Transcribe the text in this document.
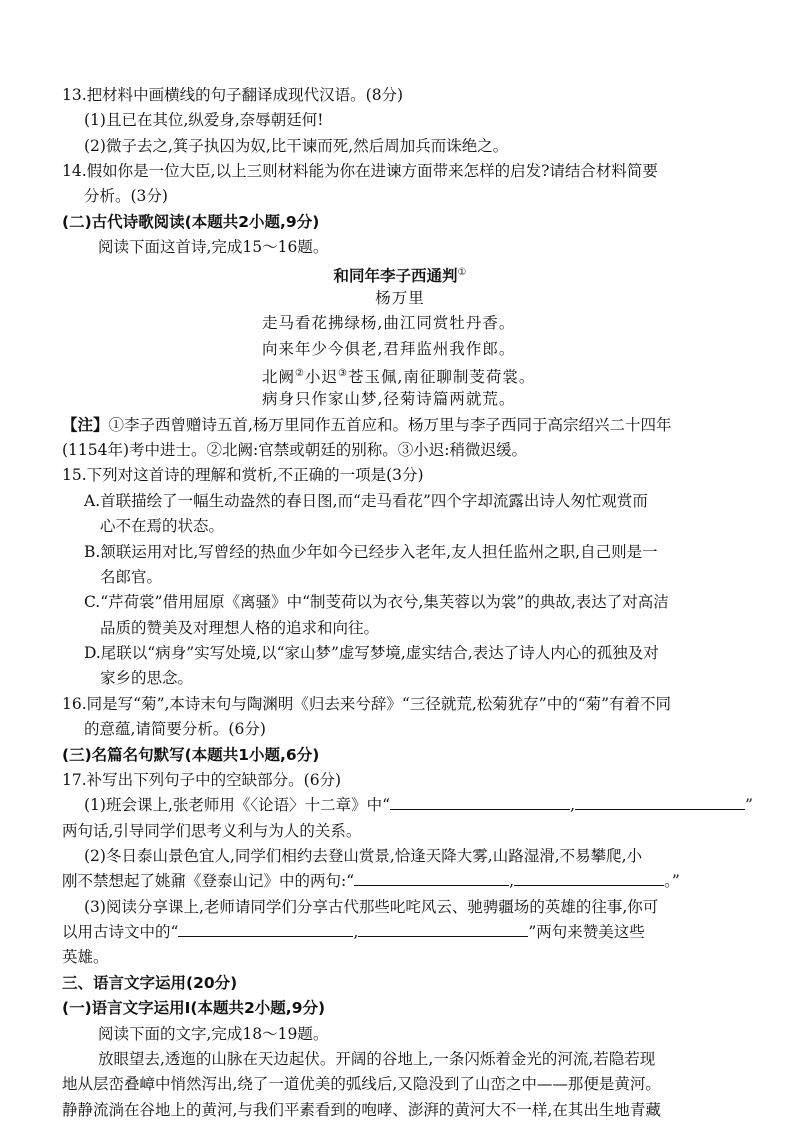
13.把材料中画横线的句子翻译成现代汉语。(8分)
(1)且已在其位,纵爱身,奈辱朝廷何!
(2)微子去之,箕子执囚为奴,比干谏而死,然后周加兵而诛绝之。
14.假如你是一位大臣,以上三则材料能为你在进谏方面带来怎样的启发?请结合材料简要
分析。(3分)
(二)古代诗歌阅读(本题共2小题,9分)
阅读下面这首诗,完成15～16题。
和同年李子西通判①
杨万里
走马看花拂绿杨,曲江同赏牡丹香。
向来年少今俱老,君拜监州我作郎。
北阙②小迟③苍玉佩,南征聊制芰荷裳。
病身只作家山梦,径菊诗篇两就荒。
【注】①李子西曾赠诗五首,杨万里同作五首应和。杨万里与李子西同于高宗绍兴二十四年
(1154年)考中进士。②北阙:官禁或朝廷的别称。③小迟:稍微迟缓。
15.下列对这首诗的理解和赏析,不正确的一项是(3分)
A.首联描绘了一幅生动盎然的春日图,而“走马看花”四个字却流露出诗人匆忙观赏而
心不在焉的状态。
B.颔联运用对比,写曾经的热血少年如今已经步入老年,友人担任监州之职,自己则是一
名郎官。
C.“芹荷裳”借用屈原《离骚》中“制芰荷以为衣兮,集芙蓉以为裳”的典故,表达了对高洁
品质的赞美及对理想人格的追求和向往。
D.尾联以“病身”实写处境,以“家山梦”虚写梦境,虚实结合,表达了诗人内心的孤独及对
家乡的思念。
16.同是写“菊”,本诗末句与陶渊明《归去来兮辞》“三径就荒,松菊犹存”中的“菊”有着不同
的意蕴,请简要分析。(6分)
(三)名篇名句默写(本题共1小题,6分)
17.补写出下列句子中的空缺部分。(6分)
(1)班会课上,张老师用《〈论语〉十二章》中“	,	”
两句话,引导同学们思考义利与为人的关系。
(2)冬日泰山景色宜人,同学们相约去登山赏景,恰逢天降大雾,山路湿滑,不易攀爬,小
刚不禁想起了姚鼐《登泰山记》中的两句:“	,	。”
(3)阅读分享课上,老师请同学们分享古代那些叱咤风云、驰骋疆场的英雄的往事,你可
以用古诗文中的“	,	”两句来赞美这些
英雄。
三、语言文字运用(20分)
(一)语言文字运用Ⅰ(本题共2小题,9分)
阅读下面的文字,完成18～19题。
放眼望去,透迤的山脉在天边起伏。开阔的谷地上,一条闪烁着金光的河流,若隐若现
地从层峦叠嶂中悄然泻出,绕了一道优美的弧线后,又隐没到了山峦之中——那便是黄河。
静静流淌在谷地上的黄河,与我们平素看到的咆哮、澎湃的黄河大不一样,在其出生地青藏
